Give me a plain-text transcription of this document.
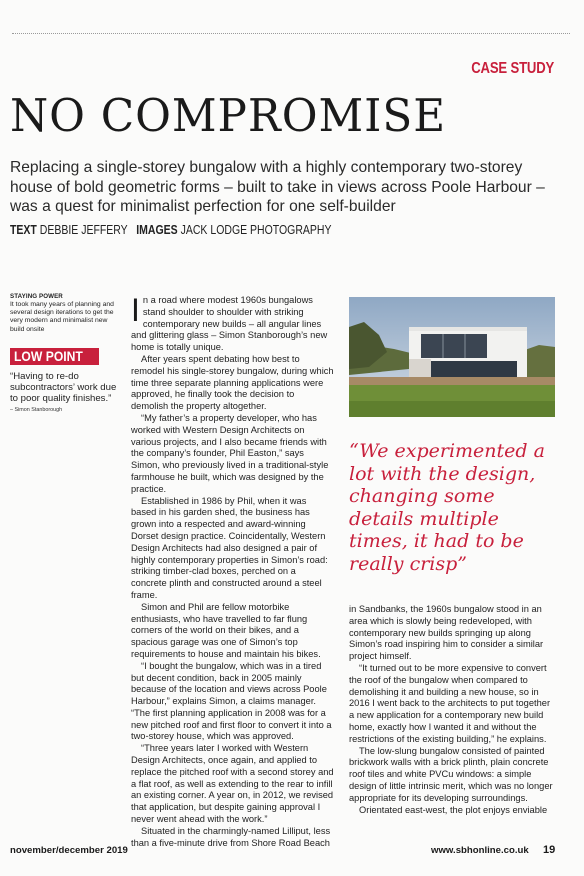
CASE STUDY
NO COMPROMISE
Replacing a single-storey bungalow with a highly contemporary two-storey house of bold geometric forms – built to take in views across Poole Harbour – was a quest for minimalist perfection for one self-builder
TEXT DEBBIE JEFFERY IMAGES JACK LODGE PHOTOGRAPHY
STAYING POWER
It took many years of planning and several design iterations to get the very modern and minimalist new build onsite
LOW POINT
“Having to re-do subcontractors’ work due to poor quality finishes.”
– Simon Stanborough

In a road where modest 1960s bungalows stand shoulder to shoulder with striking contemporary new builds – all angular lines and glittering glass – Simon Stanborough’s new home is totally unique.

After years spent debating how best to remodel his single-storey bungalow, during which time three separate planning applications were approved, he finally took the decision to demolish the property altogether.

“My father’s a property developer, who has worked with Western Design Architects on various projects, and I also became friends with the company’s founder, Phil Easton,” says Simon, who previously lived in a traditional-style farmhouse he built, which was designed by the practice.

Established in 1986 by Phil, when it was based in his garden shed, the business has grown into a respected and award-winning Dorset design practice. Coincidentally, Western Design Architects had also designed a pair of highly contemporary properties in Simon’s road: striking timber-clad boxes, perched on a concrete plinth and constructed around a steel frame.

Simon and Phil are fellow motorbike enthusiasts, who have travelled to far flung corners of the world on their bikes, and a spacious garage was one of Simon’s top requirements to house and maintain his bikes.

“I bought the bungalow, which was in a tired but decent condition, back in 2005 mainly because of the location and views across Poole Harbour,” explains Simon, a claims manager. “The first planning application in 2008 was for a new pitched roof and first floor to convert it into a two-storey house, which was approved.

“Three years later I worked with Western Design Architects, once again, and applied to replace the pitched roof with a second storey and a flat roof, as well as extending to the rear to infill an existing corner. A year on, in 2012, we revised that application, but despite gaining approval I never went ahead with the work.”

Situated in the charmingly-named Lilliput, less than a five-minute drive from Shore Road Beach

“We experimented a lot with the design, changing some details multiple times, it had to be really crisp”

in Sandbanks, the 1960s bungalow stood in an area which is slowly being redeveloped, with contemporary new builds springing up along Simon’s road inspiring him to consider a similar project himself.

“It turned out to be more expensive to convert the roof of the bungalow when compared to demolishing it and building a new house, so in 2016 I went back to the architects to put together a new application for a contemporary new build home, exactly how I wanted it and without the restrictions of the existing building,” he explains.

The low-slung bungalow consisted of painted brickwork walls with a brick plinth, plain concrete roof tiles and white PVCu windows: a simple design of little intrinsic merit, which was no longer appropriate for its developing surroundings.

Orientated east-west, the plot enjoys enviable

november/december 2019	www.sbhonline.co.uk 19
